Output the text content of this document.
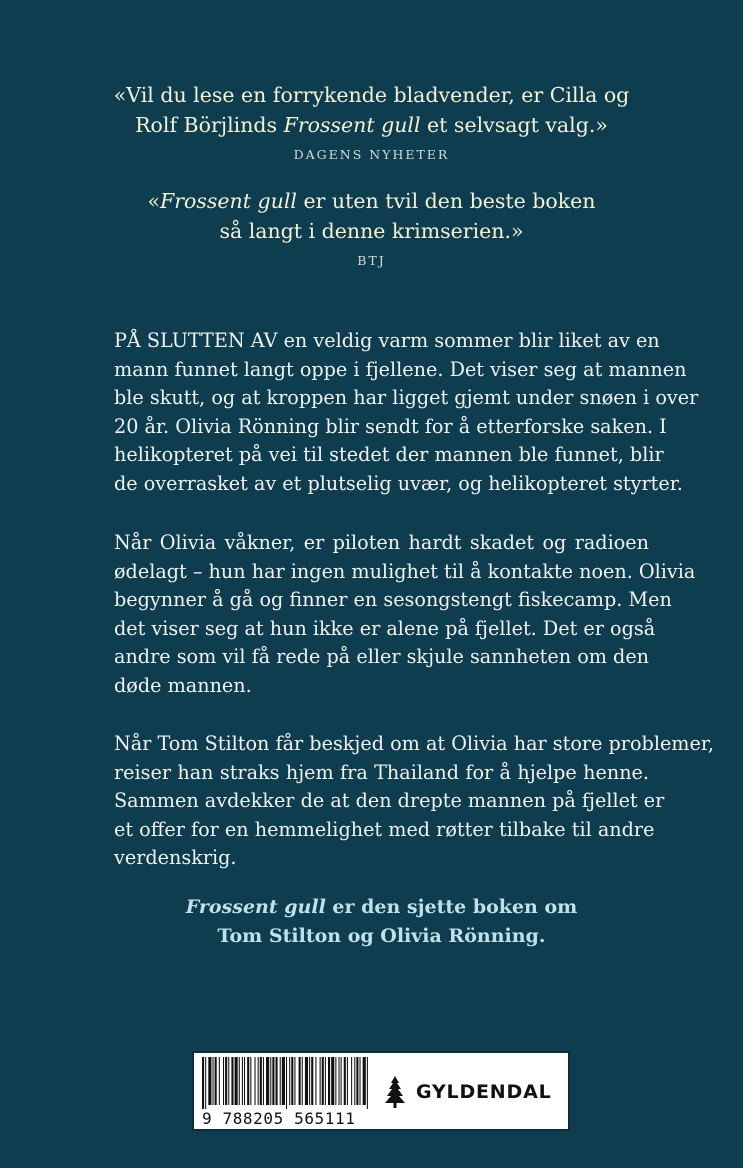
«Vil du lese en forrykende bladvender, er Cilla og
Rolf Börjlinds Frossent gull et selvsagt valg.»
DAGENS NYHETER
«Frossent gull er uten tvil den beste boken
så langt i denne krimserien.»
BTJ
PÅ SLUTTEN AV en veldig varm sommer blir liket av en
mann funnet langt oppe i fjellene. Det viser seg at mannen
ble skutt, og at kroppen har ligget gjemt under snøen i over
20 år. Olivia Rönning blir sendt for å etterforske saken. I
helikopteret på vei til stedet der mannen ble funnet, blir
de overrasket av et plutselig uvær, og helikopteret styrter.
Når Olivia våkner, er piloten hardt skadet og radioen
ødelagt – hun har ingen mulighet til å kontakte noen. Olivia
begynner å gå og finner en sesongstengt fiskecamp. Men
det viser seg at hun ikke er alene på fjellet. Det er også
andre som vil få rede på eller skjule sannheten om den
døde mannen.
Når Tom Stilton får beskjed om at Olivia har store problemer,
reiser han straks hjem fra Thailand for å hjelpe henne.
Sammen avdekker de at den drepte mannen på fjellet er
et offer for en hemmelighet med røtter tilbake til andre
verdenskrig.
Frossent gull er den sjette boken om
Tom Stilton og Olivia Rönning.
9 788205 565111
GYLDENDAL
